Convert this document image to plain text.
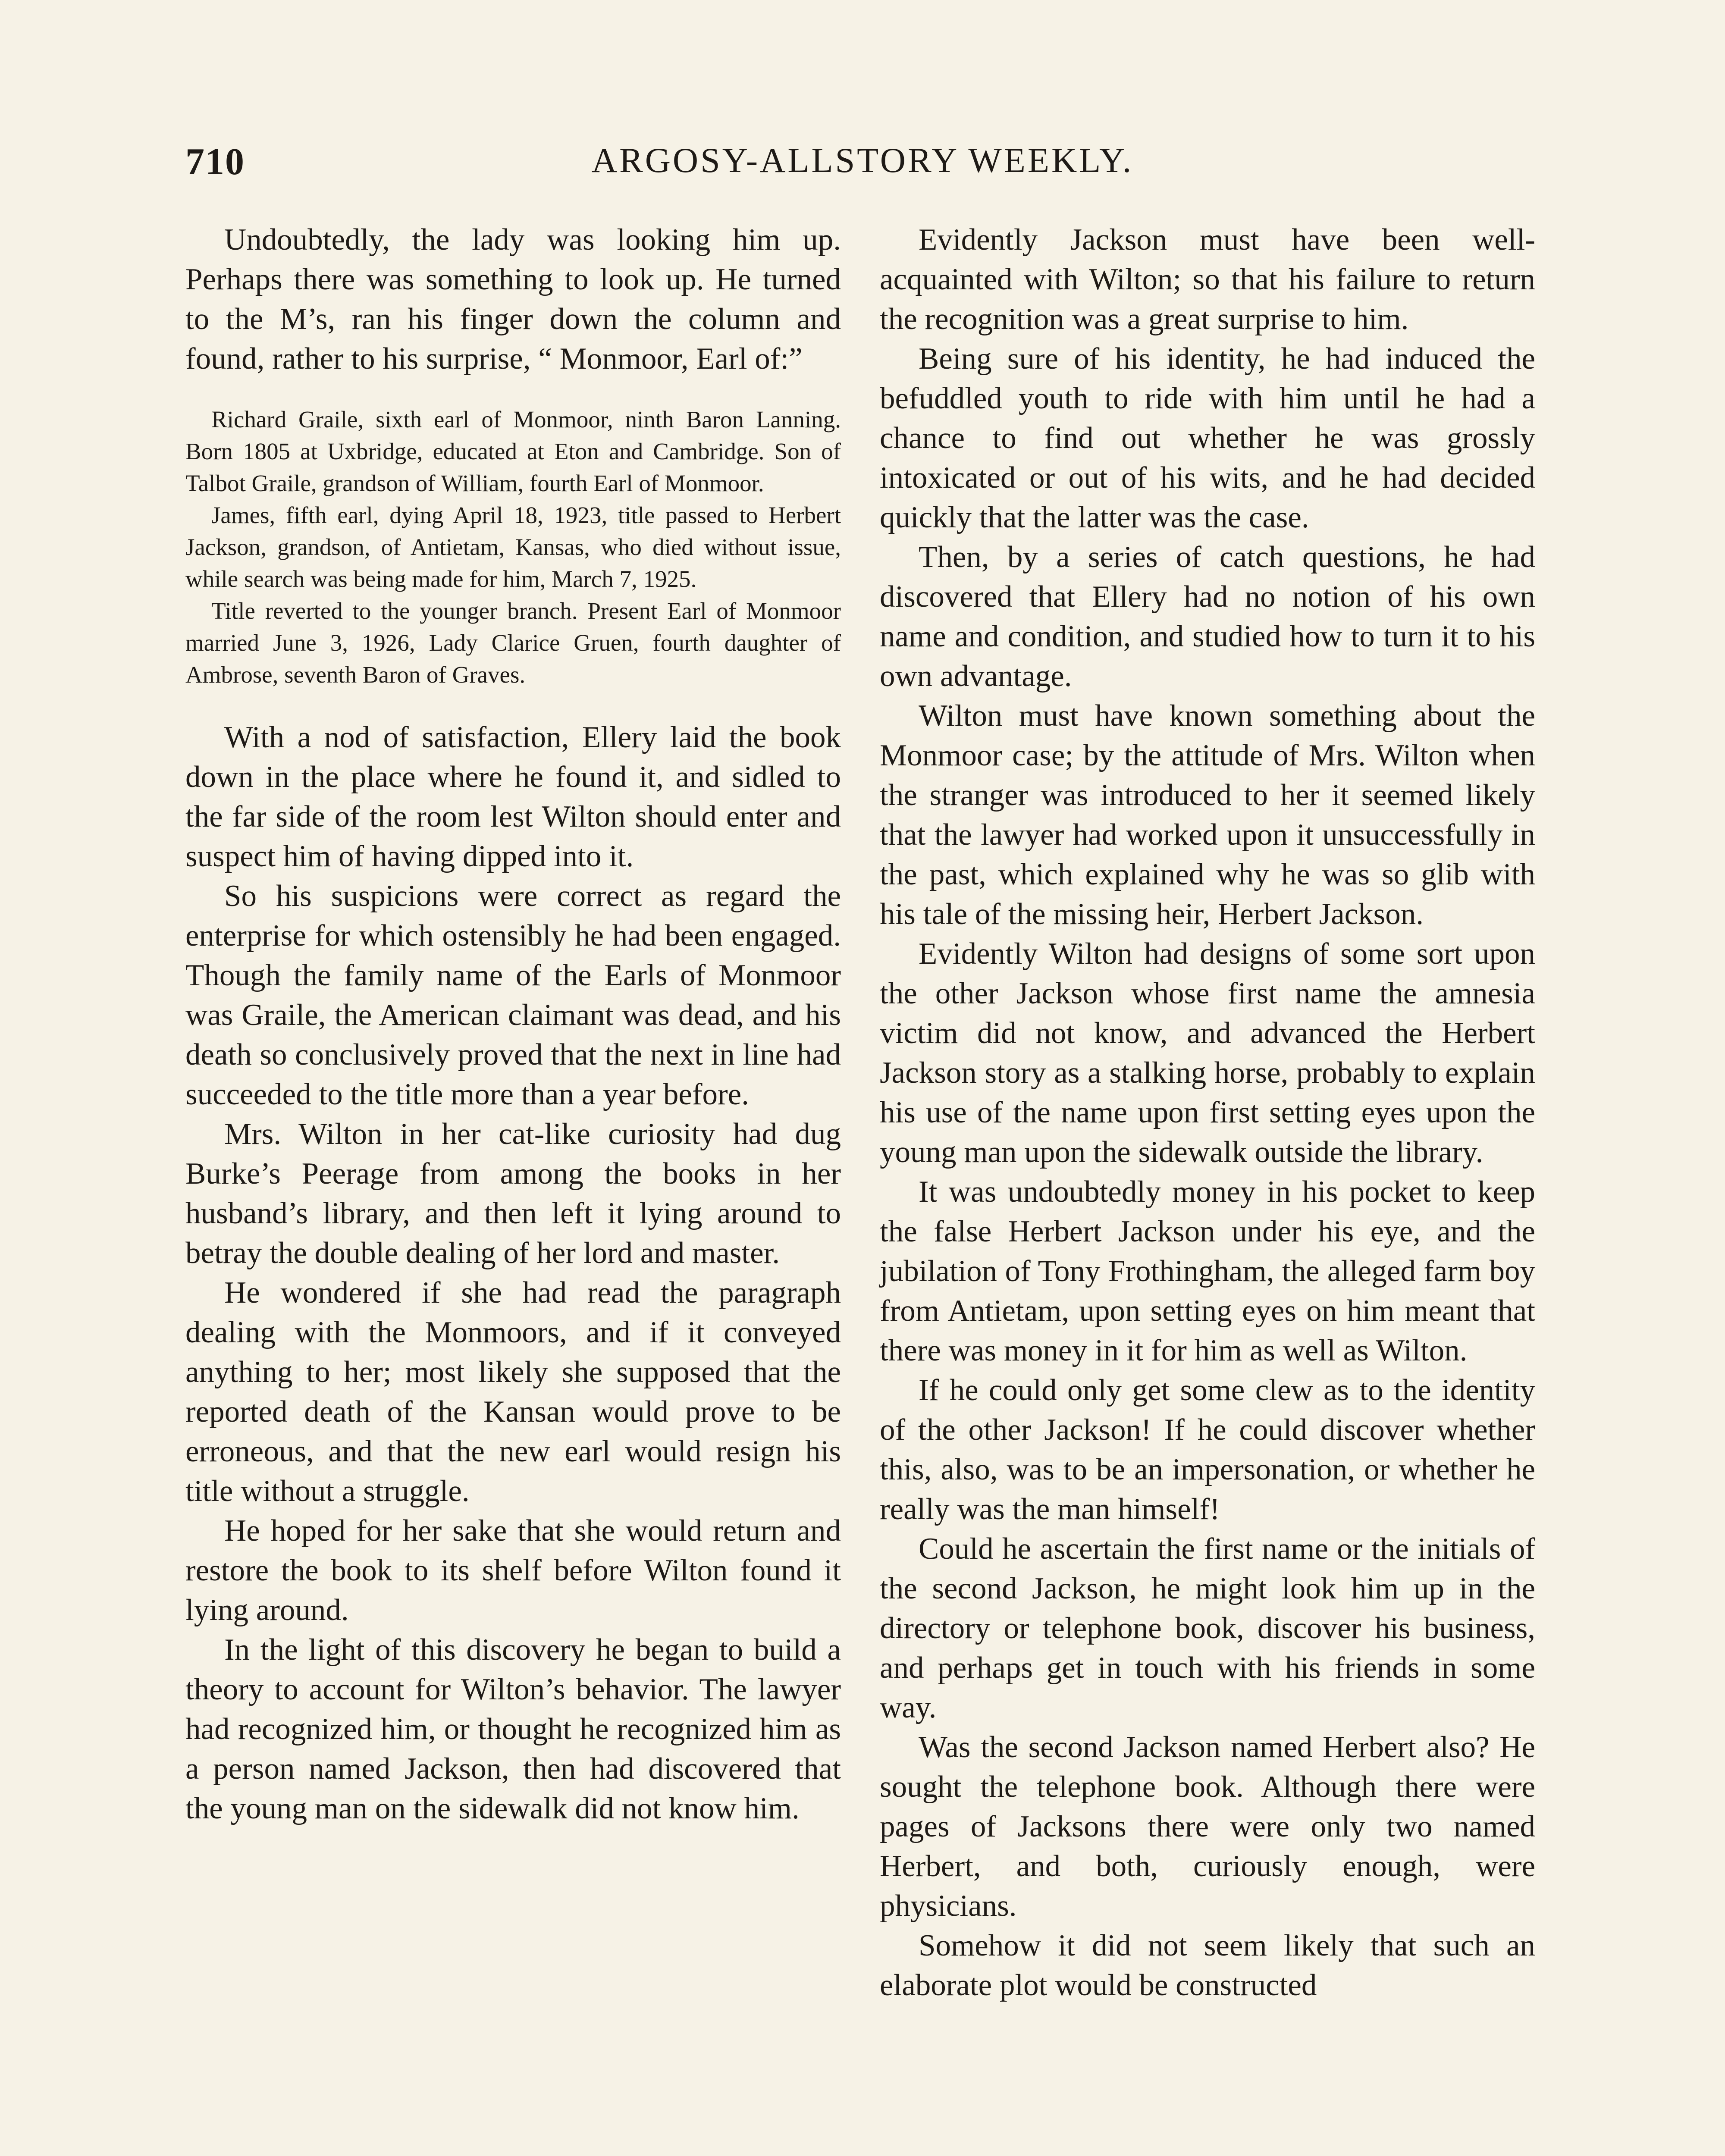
ARGOSY-ALLSTORY WEEKLY.
710

Undoubtedly, the lady was looking him up. Perhaps there was something to look up. He turned to the M’s, ran his finger down the column and found, rather to his surprise, “ Monmoor, Earl of:”

Richard Graile, sixth earl of Monmoor, ninth Baron Lanning. Born 1805 at Uxbridge, educated at Eton and Cambridge. Son of Talbot Graile, grandson of William, fourth Earl of Monmoor.

James, fifth earl, dying April 18, 1923, title passed to Herbert Jackson, grandson, of Antietam, Kansas, who died without issue, while search was being made for him, March 7, 1925.

Title reverted to the younger branch. Present Earl of Monmoor married June 3, 1926, Lady Clarice Gruen, fourth daughter of Ambrose, seventh Baron of Graves.

With a nod of satisfaction, Ellery laid the book down in the place where he found it, and sidled to the far side of the room lest Wilton should enter and suspect him of having dipped into it.

So his suspicions were correct as regard the enterprise for which ostensibly he had been engaged. Though the family name of the Earls of Monmoor was Graile, the American claimant was dead, and his death so conclusively proved that the next in line had succeeded to the title more than a year before.

Mrs. Wilton in her cat-like curiosity had dug Burke’s Peerage from among the books in her husband’s library, and then left it lying around to betray the double dealing of her lord and master.

He wondered if she had read the paragraph dealing with the Monmoors, and if it conveyed anything to her; most likely she supposed that the reported death of the Kansan would prove to be erroneous, and that the new earl would resign his title without a struggle.

He hoped for her sake that she would return and restore the book to its shelf before Wilton found it lying around.

In the light of this discovery he began to build a theory to account for Wilton’s behavior. The lawyer had recognized him, or thought he recognized him as a person named Jackson, then had discovered that the young man on the sidewalk did not know him.

Evidently Jackson must have been well-acquainted with Wilton; so that his failure to return the recognition was a great surprise to him.

Being sure of his identity, he had induced the befuddled youth to ride with him until he had a chance to find out whether he was grossly intoxicated or out of his wits, and he had decided quickly that the latter was the case.

Then, by a series of catch questions, he had discovered that Ellery had no notion of his own name and condition, and studied how to turn it to his own advantage.

Wilton must have known something about the Monmoor case; by the attitude of Mrs. Wilton when the stranger was introduced to her it seemed likely that the lawyer had worked upon it unsuccessfully in the past, which explained why he was so glib with his tale of the missing heir, Herbert Jackson.

Evidently Wilton had designs of some sort upon the other Jackson whose first name the amnesia victim did not know, and advanced the Herbert Jackson story as a stalking horse, probably to explain his use of the name upon first setting eyes upon the young man upon the sidewalk outside the library.

It was undoubtedly money in his pocket to keep the false Herbert Jackson under his eye, and the jubilation of Tony Frothingham, the alleged farm boy from Antietam, upon setting eyes on him meant that there was money in it for him as well as Wilton.

If he could only get some clew as to the identity of the other Jackson! If he could discover whether this, also, was to be an impersonation, or whether he really was the man himself!

Could he ascertain the first name or the initials of the second Jackson, he might look him up in the directory or telephone book, discover his business, and perhaps get in touch with his friends in some way.

Was the second Jackson named Herbert also? He sought the telephone book. Although there were pages of Jacksons there were only two named Herbert, and both, curiously enough, were physicians.

Somehow it did not seem likely that such an elaborate plot would be constructed
